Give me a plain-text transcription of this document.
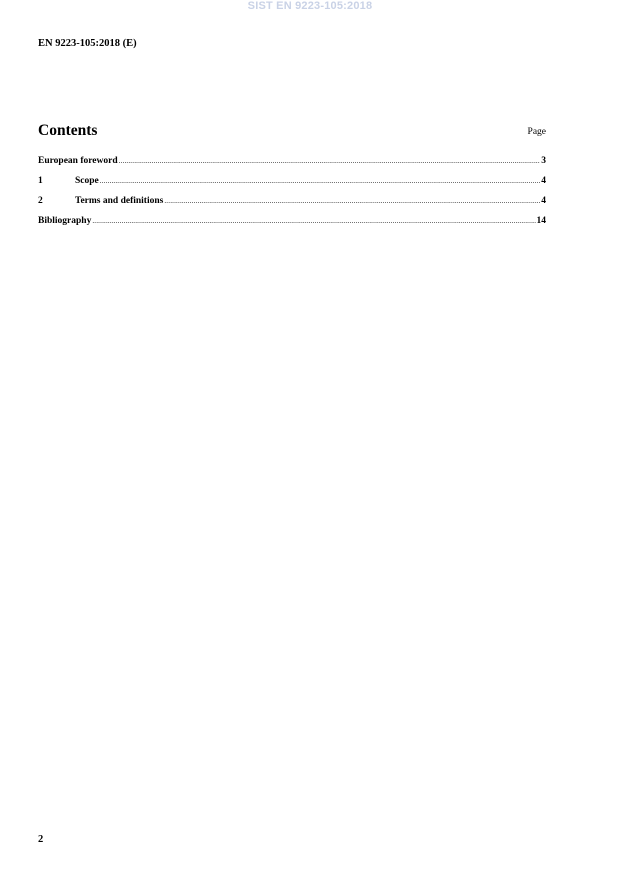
SIST EN 9223-105:2018
EN 9223-105:2018 (E)
Contents	Page
European foreword .....	3
1	Scope .....	4
2	Terms and definitions .....	4
Bibliography .....	14
2
